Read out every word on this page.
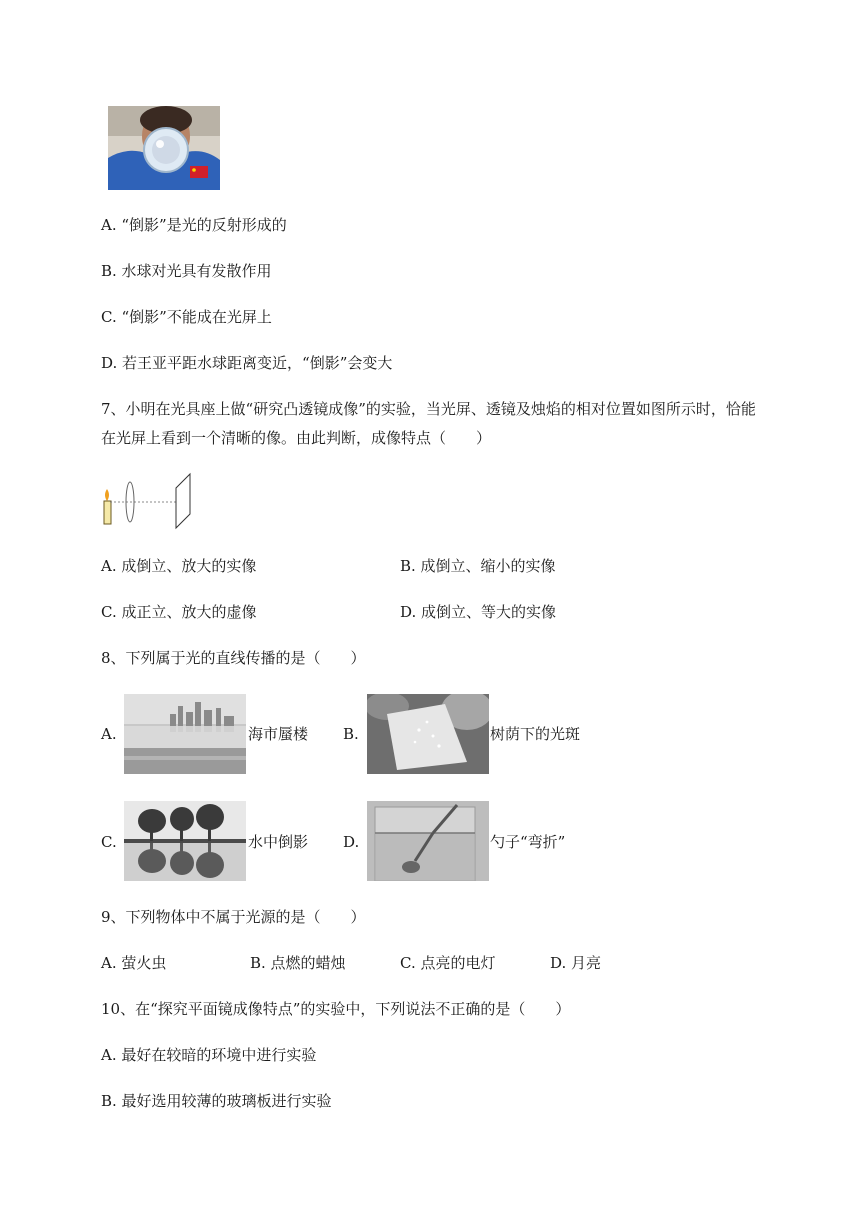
A. “倒影”是光的反射形成的
B. 水球对光具有发散作用
C. “倒影”不能成在光屏上
D. 若王亚平距水球距离变近，“倒影”会变大
7、小明在光具座上做“研究凸透镜成像”的实验，当光屏、透镜及烛焰的相对位置如图所示时，恰能
在光屏上看到一个清晰的像。由此判断，成像特点（　　）
A. 成倒立、放大的实像	B. 成倒立、缩小的实像
C. 成正立、放大的虚像	D. 成倒立、等大的实像
8、下列属于光的直线传播的是（　　）
A.	海市蜃楼 B.	树荫下的光斑
C.	水中倒影 D.	勺子“弯折”
9、下列物体中不属于光源的是（　　）
A. 萤火虫	B. 点燃的蜡烛	C. 点亮的电灯	D. 月亮
10、在“探究平面镜成像特点”的实验中，下列说法不正确的是（　　）
A. 最好在较暗的环境中进行实验
B. 最好选用较薄的玻璃板进行实验
